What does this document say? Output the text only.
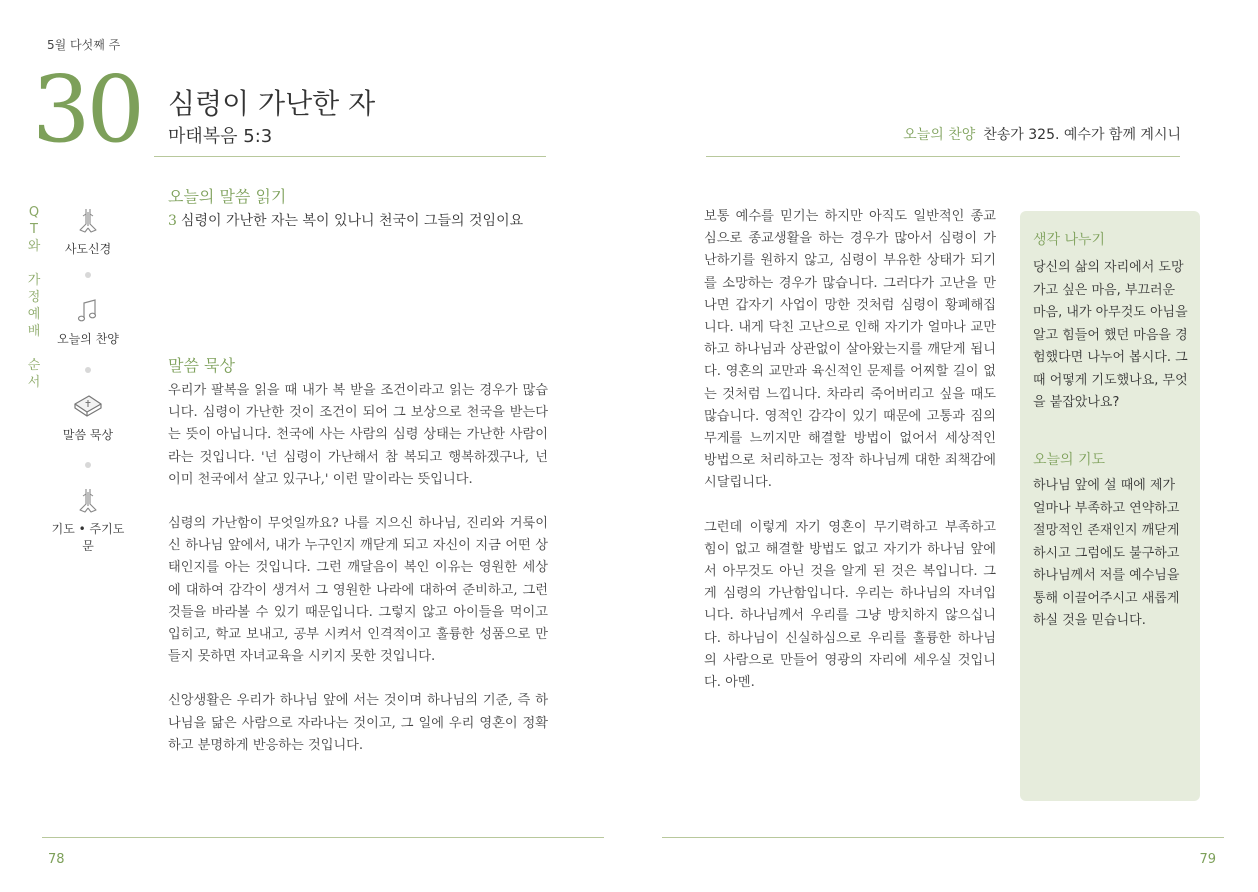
5월 다섯째 주
30 심령이 가난한 자
마태복음 5:3	오늘의 찬양 찬송가 325. 예수가 함께 계시니
Q
T
와
가
정
예
배
순
서
사도신경
오늘의 찬양
말씀 묵상
기도 • 주기도문
오늘의 말씀 읽기
3 심령이 가난한 자는 복이 있나니 천국이 그들의 것임이요
말씀 묵상

우리가 팔복을 읽을 때 내가 복 받을 조건이라고 읽는 경우가 많습니다. 심령이 가난한 것이 조건이 되어 그 보상으로 천국을 받는다는 뜻이 아닙니다. 천국에 사는 사람의 심령 상태는 가난한 사람이라는 것입니다. '넌 심령이 가난해서 참 복되고 행복하겠구나, 넌 이미 천국에서 살고 있구나,' 이런 말이라는 뜻입니다.

심령의 가난함이 무엇일까요? 나를 지으신 하나님, 진리와 거룩이신 하나님 앞에서, 내가 누구인지 깨닫게 되고 자신이 지금 어떤 상태인지를 아는 것입니다. 그런 깨달음이 복인 이유는 영원한 세상에 대하여 감각이 생겨서 그 영원한 나라에 대하여 준비하고, 그런 것들을 바라볼 수 있기 때문입니다. 그렇지 않고 아이들을 먹이고 입히고, 학교 보내고, 공부 시켜서 인격적이고 훌륭한 성품으로 만들지 못하면 자녀교육을 시키지 못한 것입니다.

신앙생활은 우리가 하나님 앞에 서는 것이며 하나님의 기준, 즉 하나님을 닮은 사람으로 자라나는 것이고, 그 일에 우리 영혼이 정확하고 분명하게 반응하는 것입니다.

보통 예수를 믿기는 하지만 아직도 일반적인 종교심으로 종교생활을 하는 경우가 많아서 심령이 가난하기를 원하지 않고, 심령이 부유한 상태가 되기를 소망하는 경우가 많습니다. 그러다가 고난을 만나면 갑자기 사업이 망한 것처럼 심령이 황폐해집니다. 내게 닥친 고난으로 인해 자기가 얼마나 교만하고 하나님과 상관없이 살아왔는지를 깨닫게 됩니다. 영혼의 교만과 육신적인 문제를 어찌할 길이 없는 것처럼 느낍니다. 차라리 죽어버리고 싶을 때도 많습니다. 영적인 감각이 있기 때문에 고통과 짐의 무게를 느끼지만 해결할 방법이 없어서 세상적인 방법으로 처리하고는 정작 하나님께 대한 죄책감에 시달립니다.

그런데 이렇게 자기 영혼이 무기력하고 부족하고 힘이 없고 해결할 방법도 없고 자기가 하나님 앞에서 아무것도 아닌 것을 알게 된 것은 복입니다. 그게 심령의 가난함입니다. 우리는 하나님의 자녀입니다. 하나님께서 우리를 그냥 방치하지 않으십니다. 하나님이 신실하심으로 우리를 훌륭한 하나님의 사람으로 만들어 영광의 자리에 세우실 것입니다. 아멘.

생각 나누기
당신의 삶의 자리에서 도망가고 싶은 마음, 부끄러운 마음, 내가 아무것도 아님을 알고 힘들어 했던 마음을 경험했다면 나누어 봅시다. 그때 어떻게 기도했나요, 무엇을 붙잡았나요?
오늘의 기도
하나님 앞에 설 때에 제가 얼마나 부족하고 연약하고 절망적인 존재인지 깨닫게 하시고 그럼에도 불구하고 하나님께서 저를 예수님을 통해 이끌어주시고 새롭게 하실 것을 믿습니다.
78	79
